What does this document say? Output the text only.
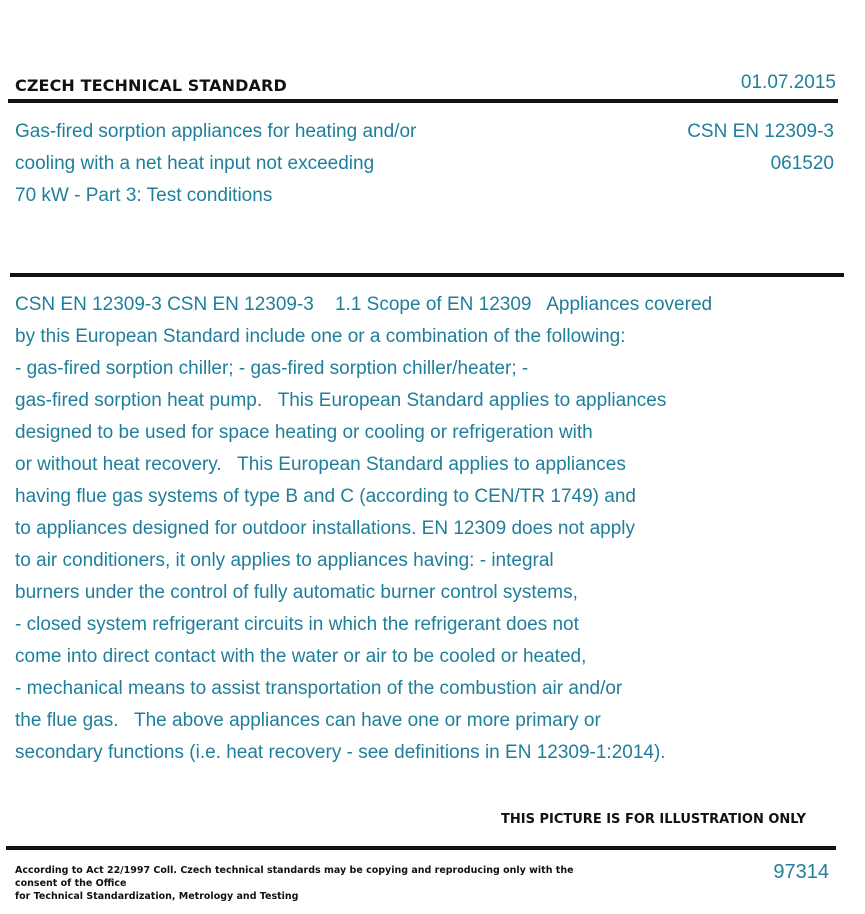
CZECH TECHNICAL STANDARD	01.07.2015
Gas-fired sorption appliances for heating and/or
cooling with a net heat input not exceeding
70 kW - Part 3: Test conditions
CSN EN 12309-3
061520
CSN EN 12309-3 CSN EN 12309-3    1.1 Scope of EN 12309   Appliances covered
by this European Standard include one or a combination of the following:
- gas-fired sorption chiller; - gas-fired sorption chiller/heater; -
gas-fired sorption heat pump.   This European Standard applies to appliances
designed to be used for space heating or cooling or refrigeration with
or without heat recovery.   This European Standard applies to appliances
having flue gas systems of type B and C (according to CEN/TR 1749) and
to appliances designed for outdoor installations. EN 12309 does not apply
to air conditioners, it only applies to appliances having: - integral
burners under the control of fully automatic burner control systems,
- closed system refrigerant circuits in which the refrigerant does not
come into direct contact with the water or air to be cooled or heated,
- mechanical means to assist transportation of the combustion air and/or
the flue gas.   The above appliances can have one or more primary or
secondary functions (i.e. heat recovery - see definitions in EN 12309-1:2014).
THIS PICTURE IS FOR ILLUSTRATION ONLY
According to Act 22/1997 Coll. Czech technical standards may be copying and reproducing only with the consent of the Office
for Technical Standardization, Metrology and Testing
97314
